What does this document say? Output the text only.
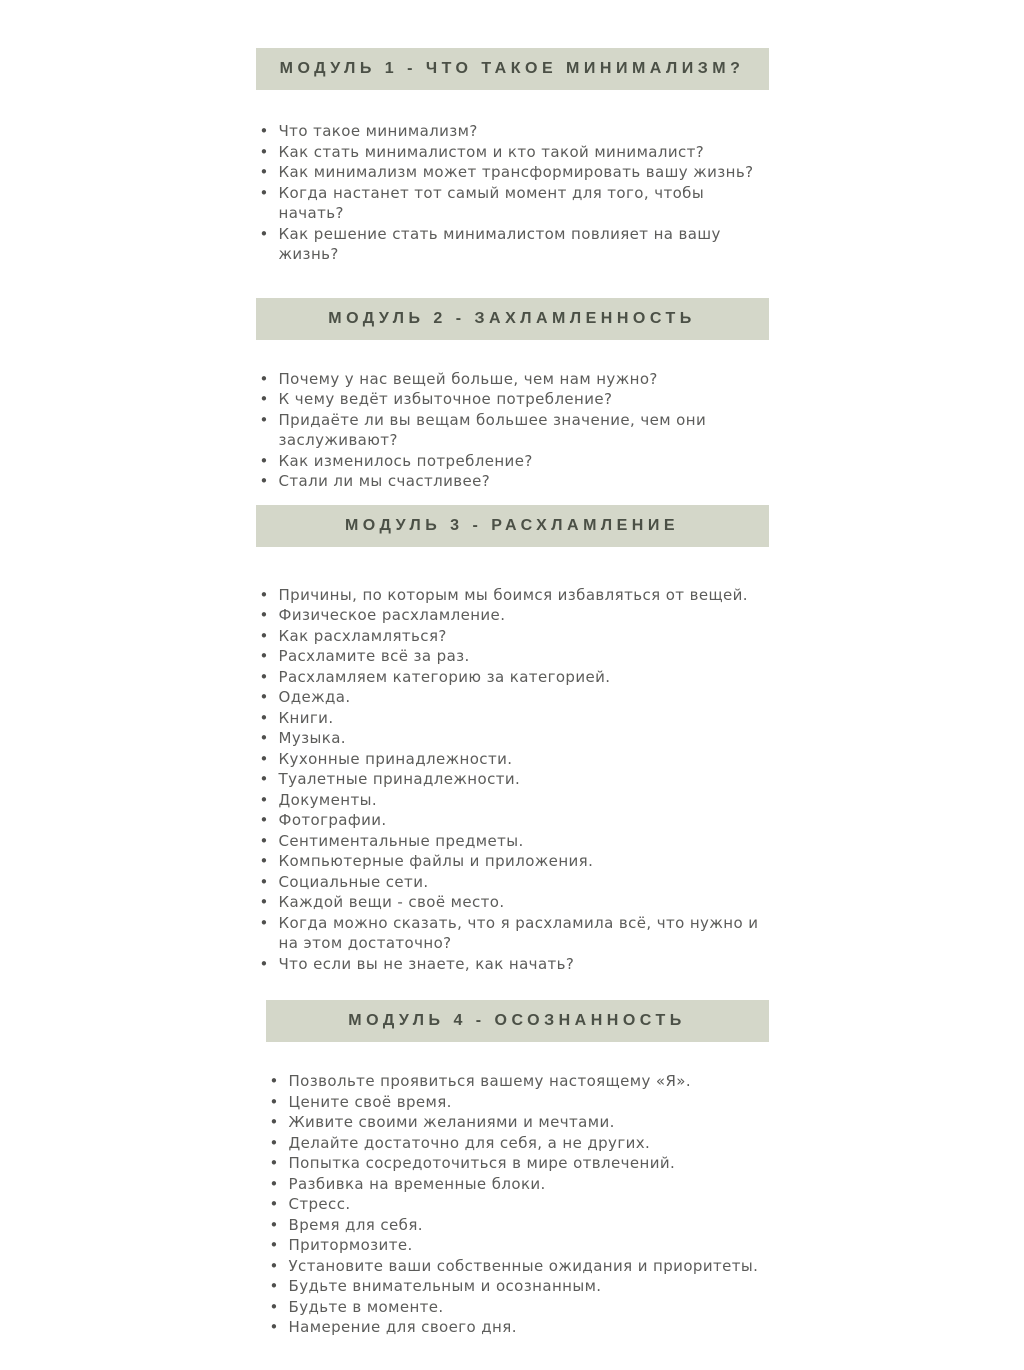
МОДУЛЬ 1 - ЧТО ТАКОЕ МИНИМАЛИЗМ?
• Что такое минимализм?
• Как стать минималистом и кто такой минималист?
• Как минимализм может трансформировать вашу жизнь?
• Когда настанет тот самый момент для того, чтобы начать?
• Как решение стать минималистом повлияет на вашу жизнь?
МОДУЛЬ 2 - ЗАХЛАМЛЕННОСТЬ
• Почему у нас вещей больше, чем нам нужно?
• К чему ведёт избыточное потребление?
• Придаёте ли вы вещам большее значение, чем они заслуживают?
• Как изменилось потребление?
• Стали ли мы счастливее?
МОДУЛЬ 3 - РАСХЛАМЛЕНИЕ
• Причины, по которым мы боимся избавляться от вещей.
• Физическое расхламление.
• Как расхламляться?
• Расхламите всё за раз.
• Расхламляем категорию за категорией.
• Одежда.
• Книги.
• Музыка.
• Кухонные принадлежности.
• Туалетные принадлежности.
• Документы.
• Фотографии.
• Сентиментальные предметы.
• Компьютерные файлы и приложения.
• Социальные сети.
• Каждой вещи - своё место.
• Когда можно сказать, что я расхламила всё, что нужно и на этом достаточно?
• Что если вы не знаете, как начать?
МОДУЛЬ 4 - ОСОЗНАННОСТЬ
• Позвольте проявиться вашему настоящему «Я».
• Цените своё время.
• Живите своими желаниями и мечтами.
• Делайте достаточно для себя, а не других.
• Попытка сосредоточиться в мире отвлечений.
• Разбивка на временные блоки.
• Стресс.
• Время для себя.
• Притормозите.
• Установите ваши собственные ожидания и приоритеты.
• Будьте внимательным и осознанным.
• Будьте в моменте.
• Намерение для своего дня.
